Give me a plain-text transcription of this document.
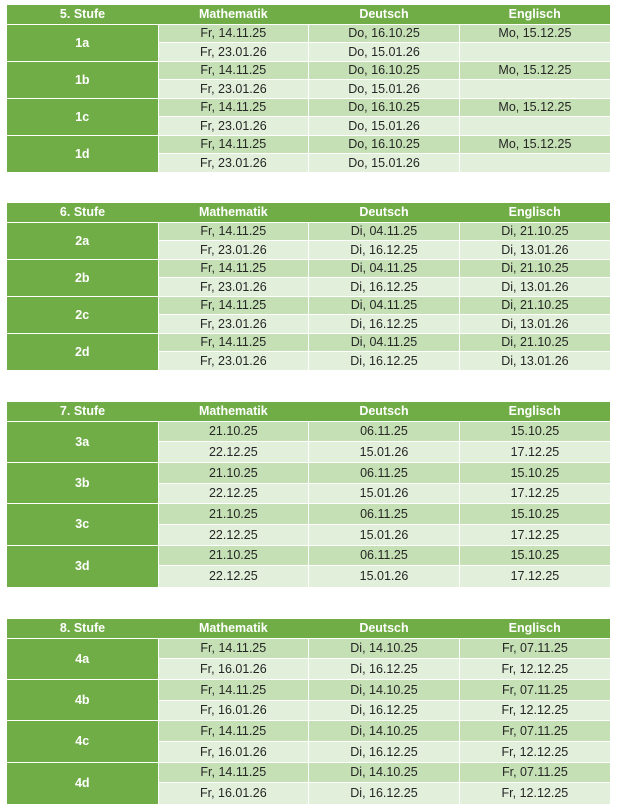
5. Stufe	Mathematik	Deutsch	Englisch
1a	Fr, 14.11.25	Do, 16.10.25	Mo, 15.12.25
	Fr, 23.01.26	Do, 15.01.26	
1b	Fr, 14.11.25	Do, 16.10.25	Mo, 15.12.25
	Fr, 23.01.26	Do, 15.01.26	
1c	Fr, 14.11.25	Do, 16.10.25	Mo, 15.12.25
	Fr, 23.01.26	Do, 15.01.26	
1d	Fr, 14.11.25	Do, 16.10.25	Mo, 15.12.25
	Fr, 23.01.26	Do, 15.01.26	
6. Stufe	Mathematik	Deutsch	Englisch
2a	Fr, 14.11.25	Di, 04.11.25	Di, 21.10.25
	Fr, 23.01.26	Di, 16.12.25	Di, 13.01.26
2b	Fr, 14.11.25	Di, 04.11.25	Di, 21.10.25
	Fr, 23.01.26	Di, 16.12.25	Di, 13.01.26
2c	Fr, 14.11.25	Di, 04.11.25	Di, 21.10.25
	Fr, 23.01.26	Di, 16.12.25	Di, 13.01.26
2d	Fr, 14.11.25	Di, 04.11.25	Di, 21.10.25
	Fr, 23.01.26	Di, 16.12.25	Di, 13.01.26
7. Stufe	Mathematik	Deutsch	Englisch
3a	21.10.25	06.11.25	15.10.25
	22.12.25	15.01.26	17.12.25
3b	21.10.25	06.11.25	15.10.25
	22.12.25	15.01.26	17.12.25
3c	21.10.25	06.11.25	15.10.25
	22.12.25	15.01.26	17.12.25
3d	21.10.25	06.11.25	15.10.25
	22.12.25	15.01.26	17.12.25
8. Stufe	Mathematik	Deutsch	Englisch
4a	Fr, 14.11.25	Di, 14.10.25	Fr, 07.11.25
	Fr, 16.01.26	Di, 16.12.25	Fr, 12.12.25
4b	Fr, 14.11.25	Di, 14.10.25	Fr, 07.11.25
	Fr, 16.01.26	Di, 16.12.25	Fr, 12.12.25
4c	Fr, 14.11.25	Di, 14.10.25	Fr, 07.11.25
	Fr, 16.01.26	Di, 16.12.25	Fr, 12.12.25
4d	Fr, 14.11.25	Di, 14.10.25	Fr, 07.11.25
	Fr, 16.01.26	Di, 16.12.25	Fr, 12.12.25
